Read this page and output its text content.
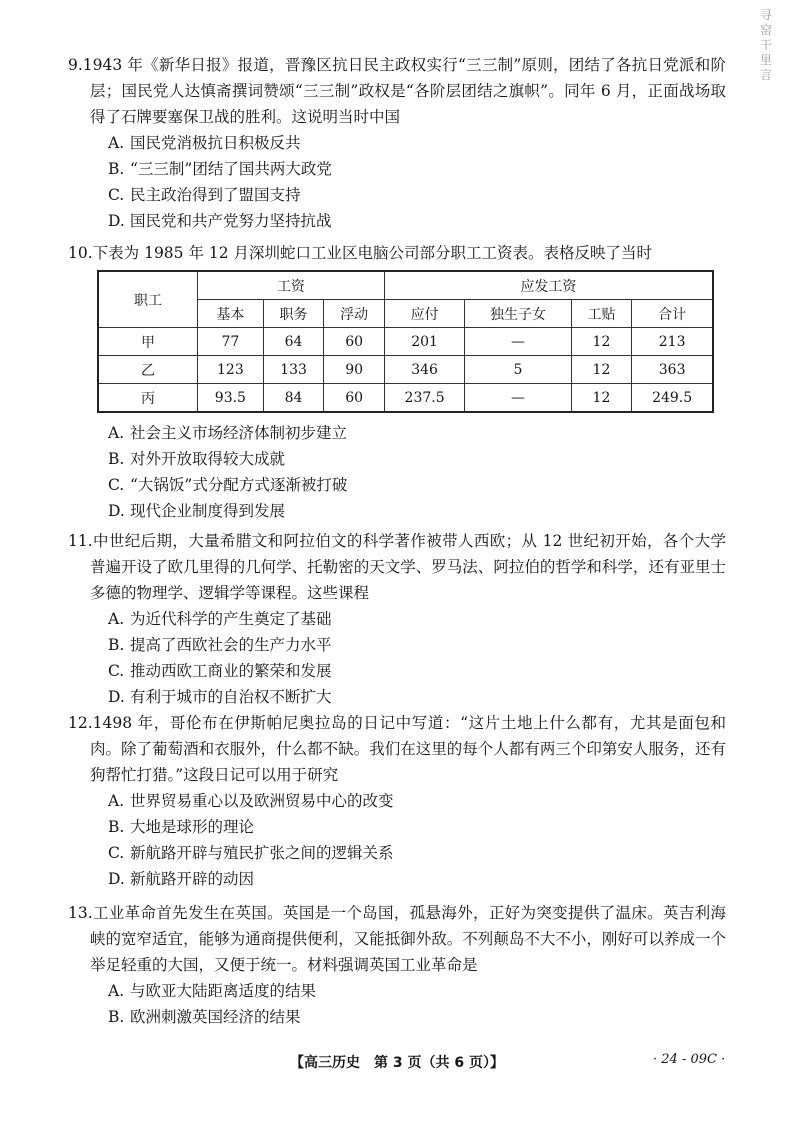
寻窑干里言

9.1943 年《新华日报》报道，晋豫区抗日民主政权实行“三三制”原则，团结了各抗日党派和阶层；国民党人达慎斋撰词赞颂“三三制”政权是“各阶层团结之旗帜”。同年 6 月，正面战场取得了石牌要塞保卫战的胜利。这说明当时中国

A. 国民党消极抗日积极反共

B. “三三制”团结了国共两大政党

C. 民主政治得到了盟国支持

D. 国民党和共产党努力坚持抗战

10.下表为 1985 年 12 月深圳蛇口工业区电脑公司部分职工工资表。表格反映了当时

职工	工资			应发工资			
	基本	职务	浮动	应付	独生子女	工贴	合计
甲	77	64	60	201	—	12	213
乙	123	133	90	346	5	12	363
丙	93.5	84	60	237.5	—	12	249.5

A. 社会主义市场经济体制初步建立

B. 对外开放取得较大成就

C. “大锅饭”式分配方式逐渐被打破

D. 现代企业制度得到发展

11.中世纪后期，大量希腊文和阿拉伯文的科学著作被带人西欧；从 12 世纪初开始，各个大学普遍开设了欧几里得的几何学、托勒密的天文学、罗马法、阿拉伯的哲学和科学，还有亚里士多德的物理学、逻辑学等课程。这些课程

A. 为近代科学的产生奠定了基础

B. 提高了西欧社会的生产力水平

C. 推动西欧工商业的繁荣和发展

D. 有利于城市的自治权不断扩大

12.1498 年，哥伦布在伊斯帕尼奥拉岛的日记中写道：“这片土地上什么都有，尤其是面包和肉。除了葡萄酒和衣服外，什么都不缺。我们在这里的每个人都有两三个印第安人服务，还有狗帮忙打猎。”这段日记可以用于研究

A. 世界贸易重心以及欧洲贸易中心的改变

B. 大地是球形的理论

C. 新航路开辟与殖民扩张之间的逻辑关系

D. 新航路开辟的动因

13.工业革命首先发生在英国。英国是一个岛国，孤悬海外，正好为突变提供了温床。英吉利海峡的宽窄适宜，能够为通商提供便利，又能抵御外敌。不列颠岛不大不小，刚好可以养成一个举足轻重的大国，又便于统一。材料强调英国工业革命是

A. 与欧亚大陆距离适度的结果

B. 欧洲刺激英国经济的结果

【高三历史　第 3 页（共 6 页）】	· 24 - 09C ·
